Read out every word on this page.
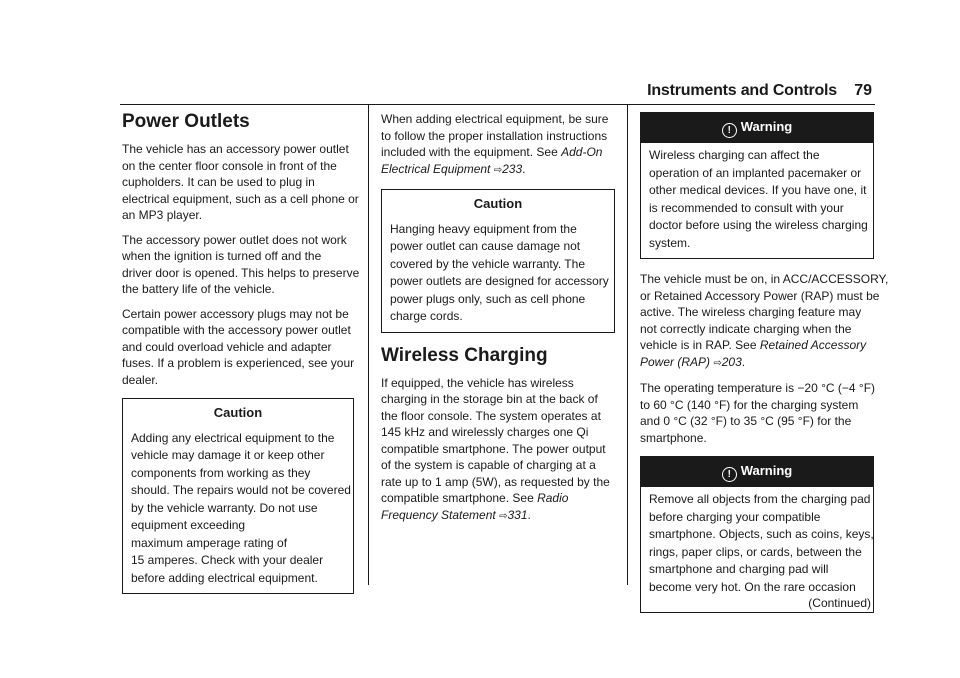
Instruments and Controls 79
Power Outlets

The vehicle has an accessory power outlet
on the center floor console in front of the
cupholders. It can be used to plug in
electrical equipment, such as a cell phone or
an MP3 player.

The accessory power outlet does not work
when the ignition is turned off and the
driver door is opened. This helps to preserve
the battery life of the vehicle.

Certain power accessory plugs may not be
compatible with the accessory power outlet
and could overload vehicle and adapter
fuses. If a problem is experienced, see your
dealer.

Caution
Adding any electrical equipment to the
vehicle may damage it or keep other
components from working as they
should. The repairs would not be covered
by the vehicle warranty. Do not use
equipment exceeding
maximum amperage rating of
15 amperes. Check with your dealer
before adding electrical equipment.

When adding electrical equipment, be sure
to follow the proper installation instructions
included with the equipment. See Add-On
Electrical Equipment ⇨233.

Caution
Hanging heavy equipment from the
power outlet can cause damage not
covered by the vehicle warranty. The
power outlets are designed for accessory
power plugs only, such as cell phone
charge cords.
Wireless Charging

If equipped, the vehicle has wireless
charging in the storage bin at the back of
the floor console. The system operates at
145 kHz and wirelessly charges one Qi
compatible smartphone. The power output
of the system is capable of charging at a
rate up to 1 amp (5W), as requested by the
compatible smartphone. See Radio
Frequency Statement ⇨331.

! Warning
Wireless charging can affect the
operation of an implanted pacemaker or
other medical devices. If you have one, it
is recommended to consult with your
doctor before using the wireless charging
system.

The vehicle must be on, in ACC/ACCESSORY,
or Retained Accessory Power (RAP) must be
active. The wireless charging feature may
not correctly indicate charging when the
vehicle is in RAP. See Retained Accessory
Power (RAP) ⇨203.

The operating temperature is −20 °C (−4 °F)
to 60 °C (140 °F) for the charging system
and 0 °C (32 °F) to 35 °C (95 °F) for the
smartphone.

! Warning
Remove all objects from the charging pad
before charging your compatible
smartphone. Objects, such as coins, keys,
rings, paper clips, or cards, between the
smartphone and charging pad will
become very hot. On the rare occasion
(Continued)
